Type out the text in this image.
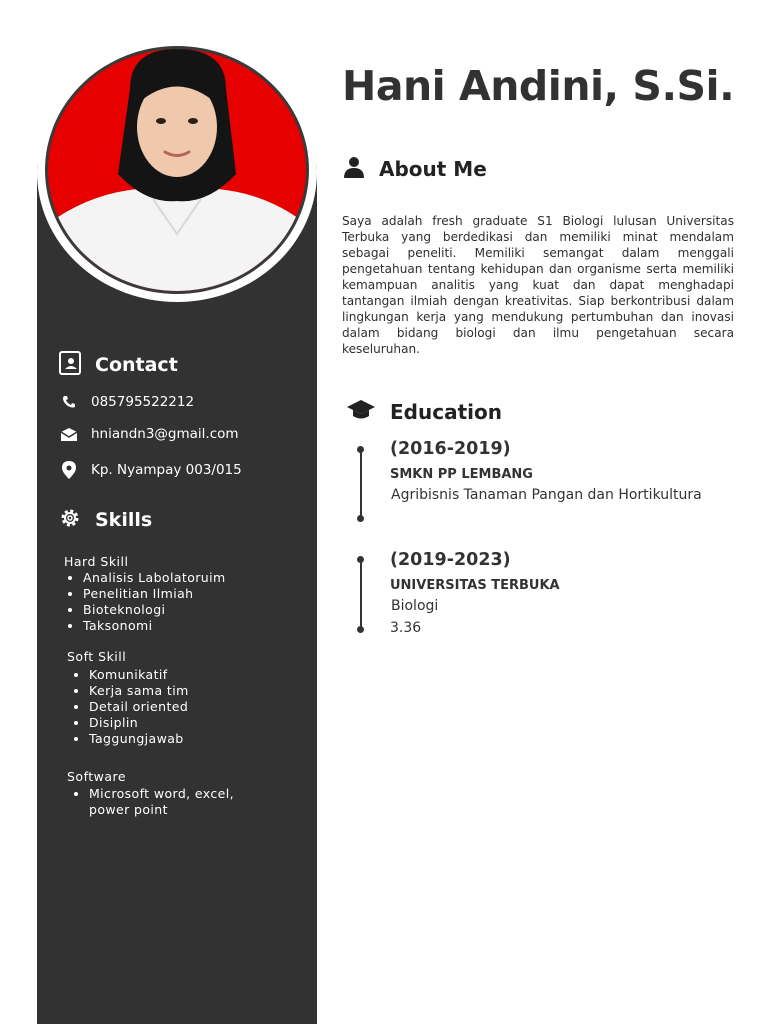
Hani Andini, S.Si.
About Me
Saya adalah fresh graduate S1 Biologi lulusan Universitas Terbuka yang berdedikasi dan memiliki minat mendalam sebagai peneliti. Memiliki semangat dalam menggali pengetahuan tentang kehidupan dan organisme serta memiliki kemampuan analitis yang kuat dan dapat menghadapi tantangan ilmiah dengan kreativitas. Siap berkontribusi dalam lingkungan kerja yang mendukung pertumbuhan dan inovasi dalam bidang biologi dan ilmu pengetahuan secara keseluruhan.
Education
(2016-2019)
SMKN PP LEMBANG
Agribisnis Tanaman Pangan dan Hortikultura
(2019-2023)
UNIVERSITAS TERBUKA
Biologi
3.36
Contact
085795522212
hniandn3@gmail.com
Kp. Nyampay 003/015
Skills
Hard Skill
• Analisis Labolatoruim
• Penelitian Ilmiah
• Bioteknologi
• Taksonomi
Soft Skill
• Komunikatif
• Kerja sama tim
• Detail oriented
• Disiplin
• Taggungjawab
Software
• Microsoft word, excel, power point
